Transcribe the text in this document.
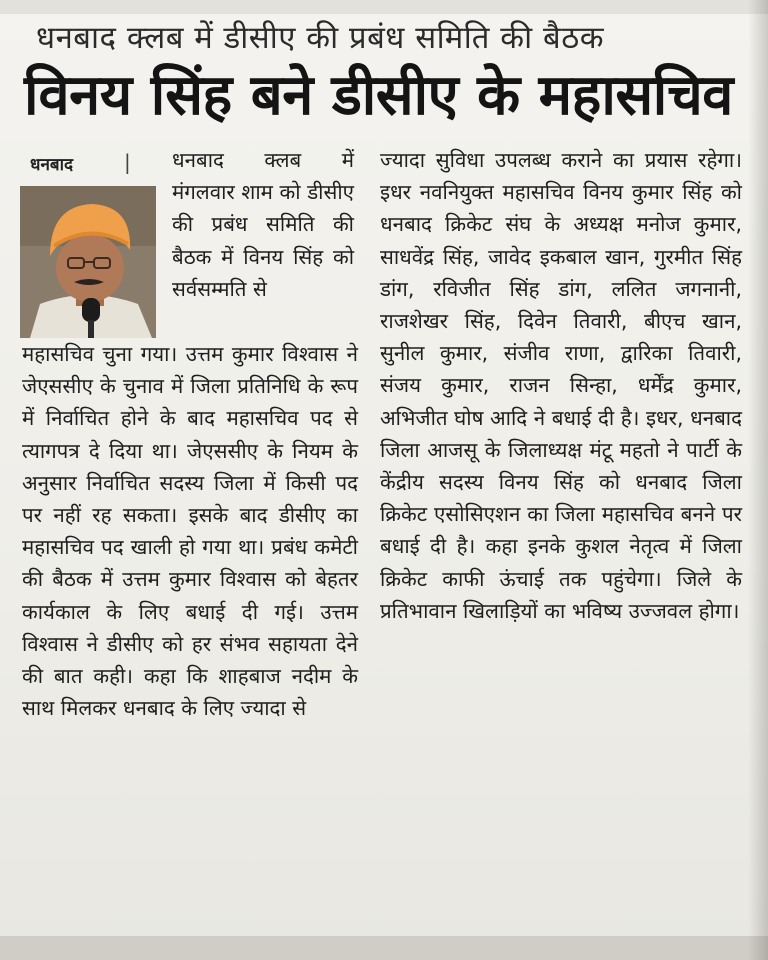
धनबाद क्लब में डीसीए की प्रबंध समिति की बैठक
विनय सिंह बने डीसीए के महासचिव
धनबाद	| धनबाद क्लब में मंगलवार शाम को डीसीए की प्रबंध समिति की बैठक में विनय सिंह को सर्वसम्मति से
महासचिव चुना गया। उत्तम कुमार विश्वास ने जेएससीए के चुनाव में जिला प्रतिनिधि के रूप में निर्वाचित होने के बाद महासचिव पद से त्यागपत्र दे दिया था। जेएससीए के नियम के अनुसार निर्वाचित सदस्य जिला में किसी पद पर नहीं रह सकता। इसके बाद डीसीए का महासचिव पद खाली हो गया था। प्रबंध कमेटी की बैठक में उत्तम कुमार विश्वास को बेहतर कार्यकाल के लिए बधाई दी गई। उत्तम विश्वास ने डीसीए को हर संभव सहायता देने की बात कही। कहा कि शाहबाज नदीम के साथ मिलकर धनबाद के लिए ज्यादा से
ज्यादा सुविधा उपलब्ध कराने का प्रयास रहेगा। इधर नवनियुक्त महासचिव विनय कुमार सिंह को धनबाद क्रिकेट संघ के अध्यक्ष मनोज कुमार, साधवेंद्र सिंह, जावेद इकबाल खान, गुरमीत सिंह डांग, रविजीत सिंह डांग, ललित जगनानी, राजशेखर सिंह, दिवेन तिवारी, बीएच खान, सुनील कुमार, संजीव राणा, द्वारिका तिवारी, संजय कुमार, राजन सिन्हा, धर्मेंद्र कुमार, अभिजीत घोष आदि ने बधाई दी है। इधर, धनबाद जिला आजसू के जिलाध्यक्ष मंटू महतो ने पार्टी के केंद्रीय सदस्य विनय सिंह को धनबाद जिला क्रिकेट एसोसिएशन का जिला महासचिव बनने पर बधाई दी है। कहा इनके कुशल नेतृत्व में जिला क्रिकेट काफी ऊंचाई तक पहुंचेगा। जिले के प्रतिभावान खिलाड़ियों का भविष्य उज्जवल होगा।
